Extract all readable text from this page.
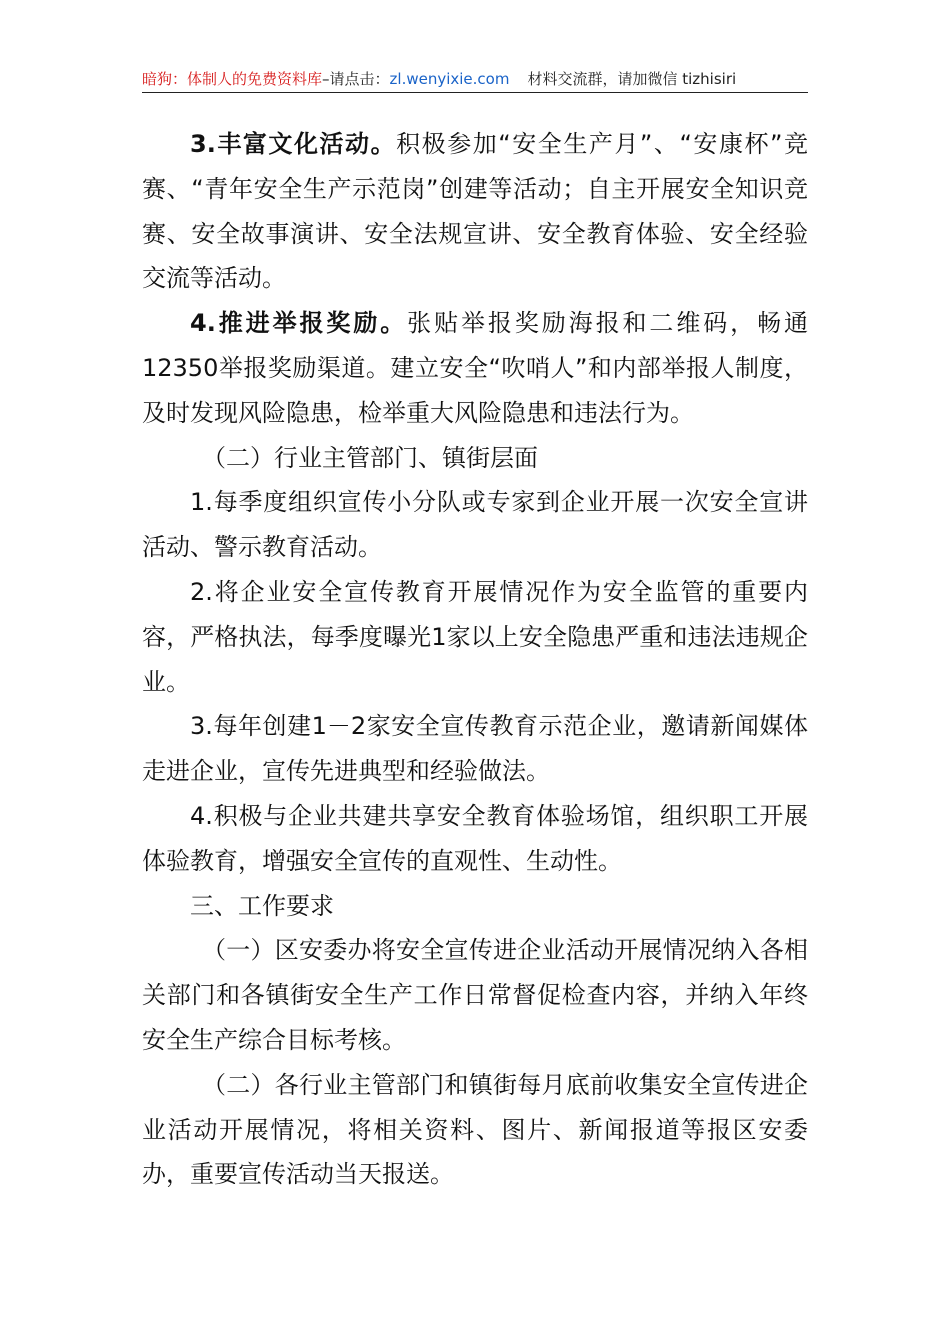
暗狗：体制人的免费资料库–请点击：zl.wenyixie.com 材料交流群，请加微信 tizhisiri

3.丰富文化活动。积极参加“安全生产月”、“安康杯”竞赛、“青年安全生产示范岗”创建等活动；自主开展安全知识竞赛、安全故事演讲、安全法规宣讲、安全教育体验、安全经验交流等活动。

4.推进举报奖励。张贴举报奖励海报和二维码，畅通12350举报奖励渠道。建立安全“吹哨人”和内部举报人制度，及时发现风险隐患，检举重大风险隐患和违法行为。

（二）行业主管部门、镇街层面

1.每季度组织宣传小分队或专家到企业开展一次安全宣讲活动、警示教育活动。

2.将企业安全宣传教育开展情况作为安全监管的重要内容，严格执法，每季度曝光1家以上安全隐患严重和违法违规企业。

3.每年创建1－2家安全宣传教育示范企业，邀请新闻媒体走进企业，宣传先进典型和经验做法。

4.积极与企业共建共享安全教育体验场馆，组织职工开展体验教育，增强安全宣传的直观性、生动性。

三、工作要求

（一）区安委办将安全宣传进企业活动开展情况纳入各相关部门和各镇街安全生产工作日常督促检查内容，并纳入年终安全生产综合目标考核。

（二）各行业主管部门和镇街每月底前收集安全宣传进企业活动开展情况，将相关资料、图片、新闻报道等报区安委办，重要宣传活动当天报送。
